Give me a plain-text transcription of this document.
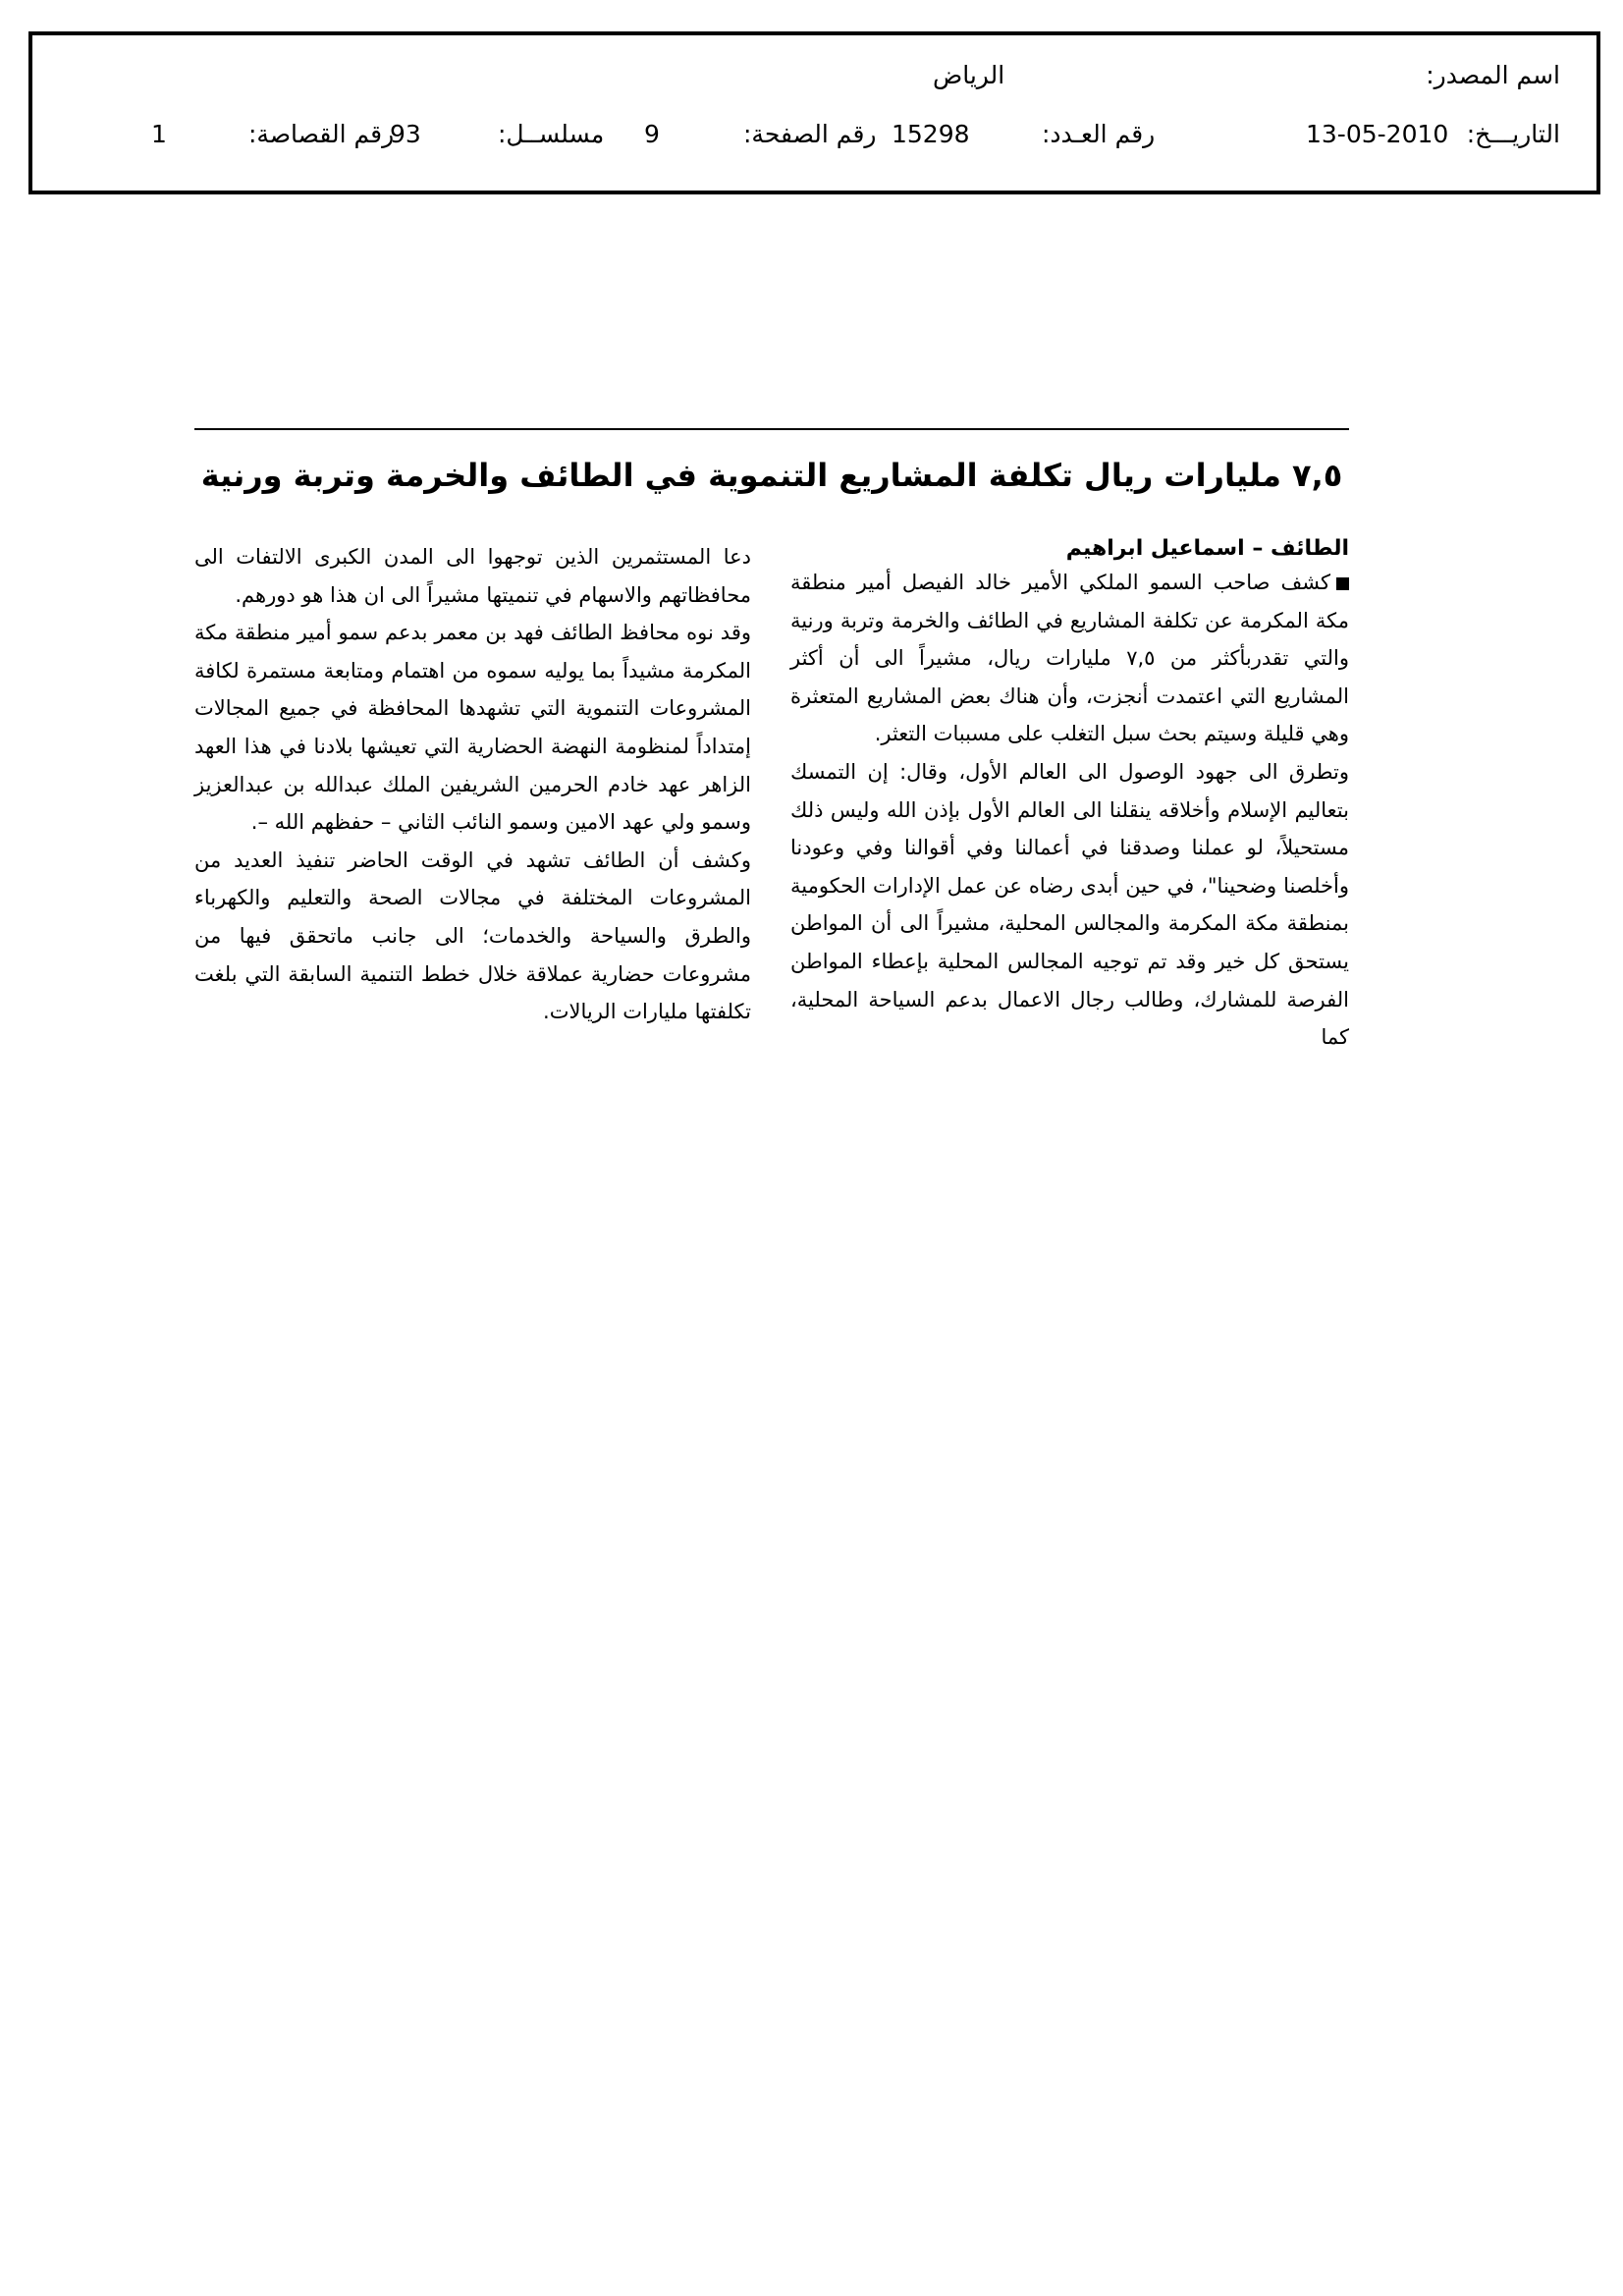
اسم المصدر:
الرياض
التاريـــخ:
13-05-2010
رقم العـدد:
15298
رقم الصفحة:
9
مسلســل:
93
رقم القصاصة:
1
٧,٥ مليارات ريال تكلفة المشاريع التنموية في الطائف والخرمة وتربة ورنية
الطائف – اسماعيل ابراهيم

كشف صاحب السمو الملكي الأمير خالد الفيصل أمير منطقة مكة المكرمة عن تكلفة المشاريع في الطائف والخرمة وتربة ورنية والتي تقدربأكثر من ٧,٥ مليارات ريال، مشيراً الى أن أكثر المشاريع التي اعتمدت أنجزت، وأن هناك بعض المشاريع المتعثرة وهي قليلة وسيتم بحث سبل التغلب على مسببات التعثر.

وتطرق الى جهود الوصول الى العالم الأول، وقال: إن التمسك بتعاليم الإسلام وأخلاقه ينقلنا الى العالم الأول بإذن الله وليس ذلك مستحيلاً، لو عملنا وصدقنا في أعمالنا وفي أقوالنا وفي وعودنا وأخلصنا وضحينا"، في حين أبدى رضاه عن عمل الإدارات الحكومية بمنطقة مكة المكرمة والمجالس المحلية، مشيراً الى أن المواطن يستحق كل خير وقد تم توجيه المجالس المحلية بإعطاء المواطن الفرصة للمشارك، وطالب رجال الاعمال بدعم السياحة المحلية، كما

دعا المستثمرين الذين توجهوا الى المدن الكبرى الالتفات الى محافظاتهم والاسهام في تنميتها مشيراً الى ان هذا هو دورهم.

وقد نوه محافظ الطائف فهد بن معمر بدعم سمو أمير منطقة مكة المكرمة مشيداً بما يوليه سموه من اهتمام ومتابعة مستمرة لكافة المشروعات التنموية التي تشهدها المحافظة في جميع المجالات إمتداداً لمنظومة النهضة الحضارية التي تعيشها بلادنا في هذا العهد الزاهر عهد خادم الحرمين الشريفين الملك عبدالله بن عبدالعزيز وسمو ولي عهد الامين وسمو النائب الثاني – حفظهم الله –.

وكشف أن الطائف تشهد في الوقت الحاضر تنفيذ العديد من المشروعات المختلفة في مجالات الصحة والتعليم والكهرباء والطرق والسياحة والخدمات؛ الى جانب ماتحقق فيها من مشروعات حضارية عملاقة خلال خطط التنمية السابقة التي بلغت تكلفتها مليارات الريالات.
